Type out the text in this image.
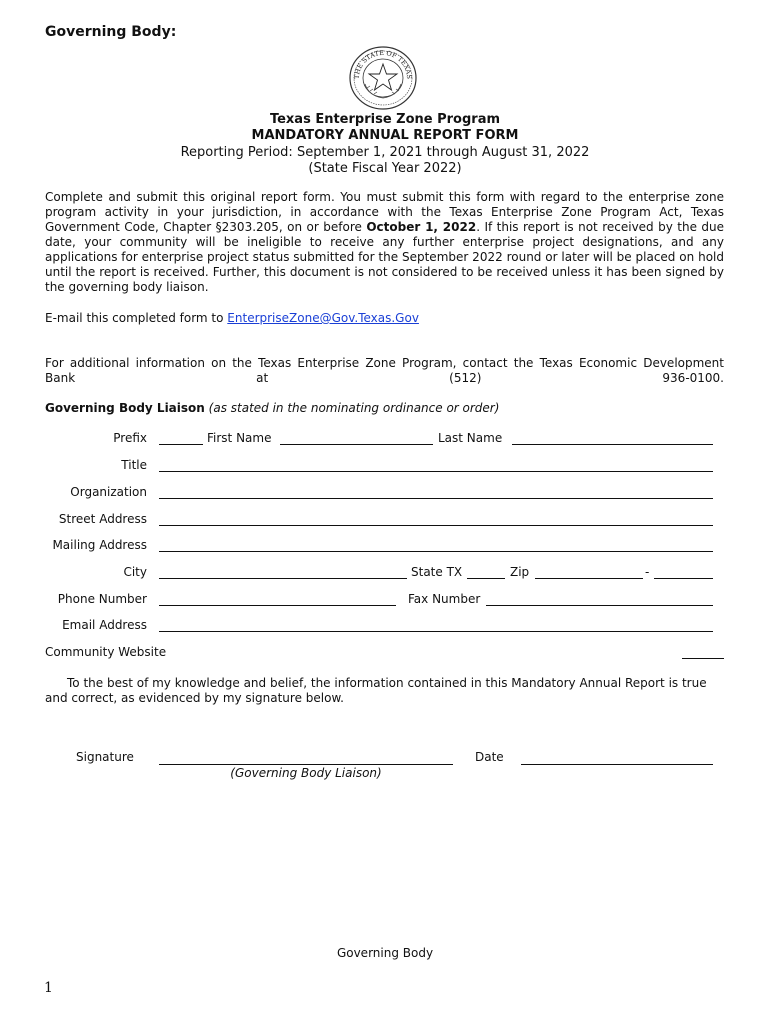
Governing Body:
THE STATE OF TEXAS
Texas Enterprise Zone Program
MANDATORY ANNUAL REPORT FORM
Reporting Period: September 1, 2021 through August 31, 2022
(State Fiscal Year 2022)
Complete and submit this original report form. You must submit this form with regard to the enterprise zone program activity in your jurisdiction, in accordance with the Texas Enterprise Zone Program Act, Texas Government Code, Chapter §2303.205, on or before October 1, 2022. If this report is not received by the due date, your community will be ineligible to receive any further enterprise project designations, and any applications for enterprise project status submitted for the September 2022 round or later will be placed on hold until the report is received. Further, this document is not considered to be received unless it has been signed by the governing body liaison.
E-mail this completed form to EnterpriseZone@Gov.Texas.Gov
For additional information on the Texas Enterprise Zone Program, contact the Texas Economic Development Bank at (512) 936-0100.
Governing Body Liaison (as stated in the nominating ordinance or order)
Prefix	First Name	Last Name
Title
Organization
Street Address
Mailing Address
City	State TX	Zip	-
Phone Number	Fax Number
Email Address
Community Website
To the best of my knowledge and belief, the information contained in this Mandatory Annual Report is true and correct, as evidenced by my signature below.
Signature
(Governing Body Liaison)
Date
Governing Body
1
